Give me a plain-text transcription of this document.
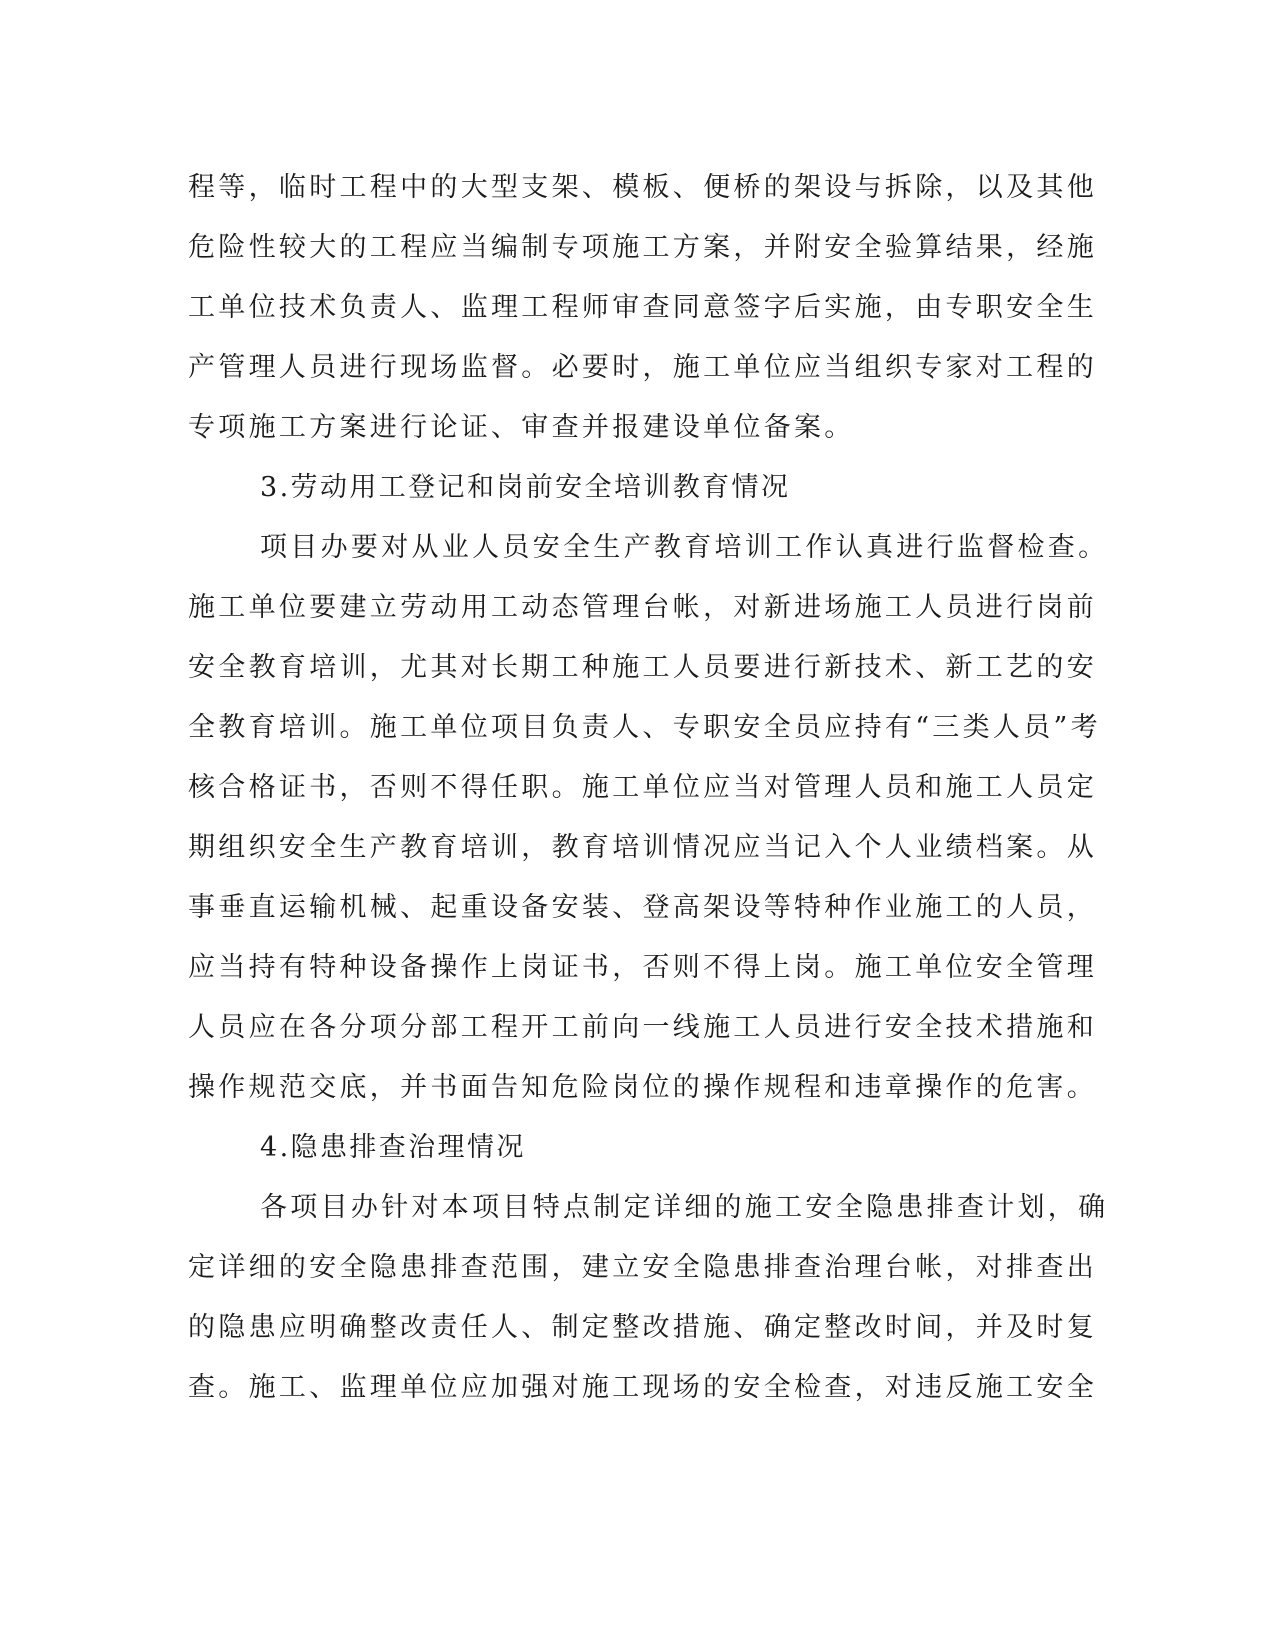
程等，临时工程中的大型支架、模板、便桥的架设与拆除，以及其他
危险性较大的工程应当编制专项施工方案，并附安全验算结果，经施
工单位技术负责人、监理工程师审查同意签字后实施，由专职安全生
产管理人员进行现场监督。必要时，施工单位应当组织专家对工程的
专项施工方案进行论证、审查并报建设单位备案。
3.劳动用工登记和岗前安全培训教育情况
项目办要对从业人员安全生产教育培训工作认真进行监督检查。
施工单位要建立劳动用工动态管理台帐，对新进场施工人员进行岗前
安全教育培训，尤其对长期工种施工人员要进行新技术、新工艺的安
全教育培训。施工单位项目负责人、专职安全员应持有“三类人员”考
核合格证书，否则不得任职。施工单位应当对管理人员和施工人员定
期组织安全生产教育培训，教育培训情况应当记入个人业绩档案。从
事垂直运输机械、起重设备安装、登高架设等特种作业施工的人员，
应当持有特种设备操作上岗证书，否则不得上岗。施工单位安全管理
人员应在各分项分部工程开工前向一线施工人员进行安全技术措施和
操作规范交底，并书面告知危险岗位的操作规程和违章操作的危害。
4.隐患排查治理情况
各项目办针对本项目特点制定详细的施工安全隐患排查计划，确
定详细的安全隐患排查范围，建立安全隐患排查治理台帐，对排查出
的隐患应明确整改责任人、制定整改措施、确定整改时间，并及时复
查。施工、监理单位应加强对施工现场的安全检查，对违反施工安全
